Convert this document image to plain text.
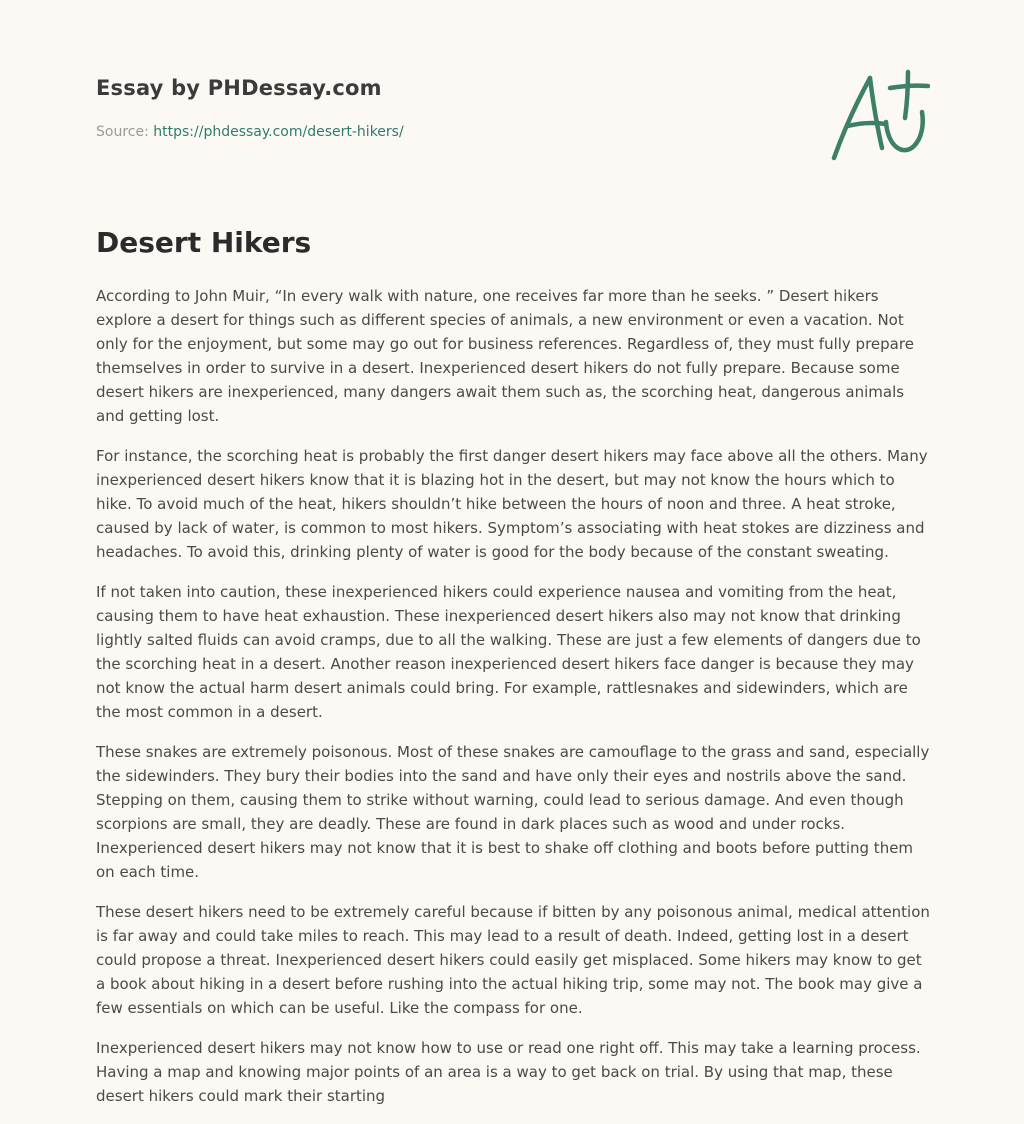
Essay by PHDessay.com
Source: https://phdessay.com/desert-hikers/
Desert Hikers

According to John Muir, “In every walk with nature, one receives far more than he seeks. ” Desert hikers explore a desert for things such as different species of animals, a new environment or even a vacation. Not only for the enjoyment, but some may go out for business references. Regardless of, they must fully prepare themselves in order to survive in a desert. Inexperienced desert hikers do not fully prepare. Because some desert hikers are inexperienced, many dangers await them such as, the scorching heat, dangerous animals and getting lost.

For instance, the scorching heat is probably the first danger desert hikers may face above all the others. Many inexperienced desert hikers know that it is blazing hot in the desert, but may not know the hours which to hike. To avoid much of the heat, hikers shouldn’t hike between the hours of noon and three. A heat stroke, caused by lack of water, is common to most hikers. Symptom’s associating with heat stokes are dizziness and headaches. To avoid this, drinking plenty of water is good for the body because of the constant sweating.

If not taken into caution, these inexperienced hikers could experience nausea and vomiting from the heat, causing them to have heat exhaustion. These inexperienced desert hikers also may not know that drinking lightly salted fluids can avoid cramps, due to all the walking. These are just a few elements of dangers due to the scorching heat in a desert. Another reason inexperienced desert hikers face danger is because they may not know the actual harm desert animals could bring. For example, rattlesnakes and sidewinders, which are the most common in a desert.

These snakes are extremely poisonous. Most of these snakes are camouflage to the grass and sand, especially the sidewinders. They bury their bodies into the sand and have only their eyes and nostrils above the sand. Stepping on them, causing them to strike without warning, could lead to serious damage. And even though scorpions are small, they are deadly. These are found in dark places such as wood and under rocks. Inexperienced desert hikers may not know that it is best to shake off clothing and boots before putting them on each time.

These desert hikers need to be extremely careful because if bitten by any poisonous animal, medical attention is far away and could take miles to reach. This may lead to a result of death. Indeed, getting lost in a desert could propose a threat. Inexperienced desert hikers could easily get misplaced. Some hikers may know to get a book about hiking in a desert before rushing into the actual hiking trip, some may not. The book may give a few essentials on which can be useful. Like the compass for one.

Inexperienced desert hikers may not know how to use or read one right off. This may take a learning process. Having a map and knowing major points of an area is a way to get back on trial. By using that map, these desert hikers could mark their starting
